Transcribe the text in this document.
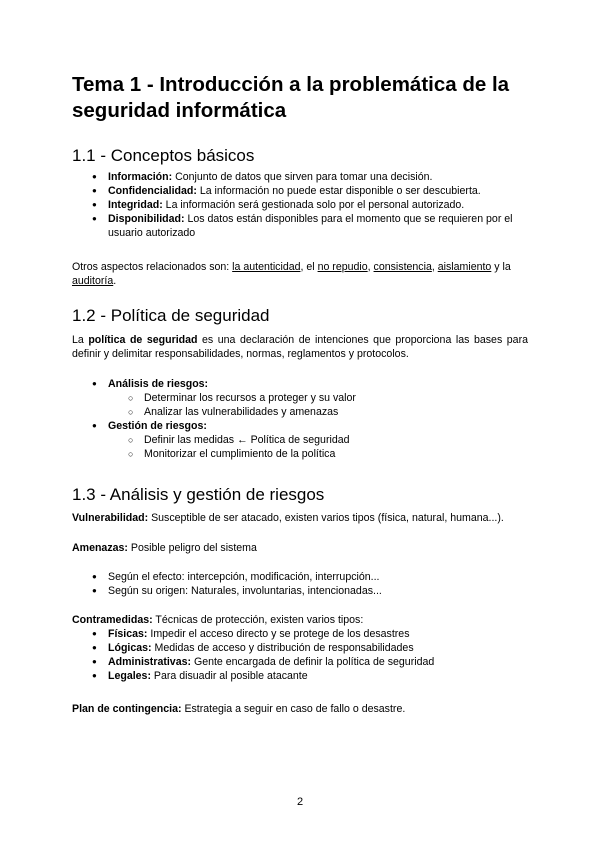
Tema 1 - Introducción a la problemática de la seguridad informática
1.1 - Conceptos básicos
● Información: Conjunto de datos que sirven para tomar una decisión.
● Confidencialidad: La información no puede estar disponible o ser descubierta.
● Integridad: La información será gestionada solo por el personal autorizado.
● Disponibilidad: Los datos están disponibles para el momento que se requieren por el usuario autorizado

Otros aspectos relacionados son: la autenticidad, el no repudio, consistencia, aislamiento y la auditoría.

1.2 - Política de seguridad

La política de seguridad es una declaración de intenciones que proporciona las bases para definir y delimitar responsabilidades, normas, reglamentos y protocolos.

● Análisis de riesgos:
○ Determinar los recursos a proteger y su valor
○ Analizar las vulnerabilidades y amenazas
● Gestión de riesgos:
○ Definir las medidas ← Política de seguridad
○ Monitorizar el cumplimiento de la política
1.3 - Análisis y gestión de riesgos

Vulnerabilidad: Susceptible de ser atacado, existen varios tipos (física, natural, humana...).

Amenazas: Posible peligro del sistema

● Según el efecto: intercepción, modificación, interrupción...
● Según su origen: Naturales, involuntarias, intencionadas...

Contramedidas: Técnicas de protección, existen varios tipos:

● Físicas: Impedir el acceso directo y se protege de los desastres
● Lógicas: Medidas de acceso y distribución de responsabilidades
● Administrativas: Gente encargada de definir la política de seguridad
● Legales: Para disuadir al posible atacante

Plan de contingencia: Estrategia a seguir en caso de fallo o desastre.

2
